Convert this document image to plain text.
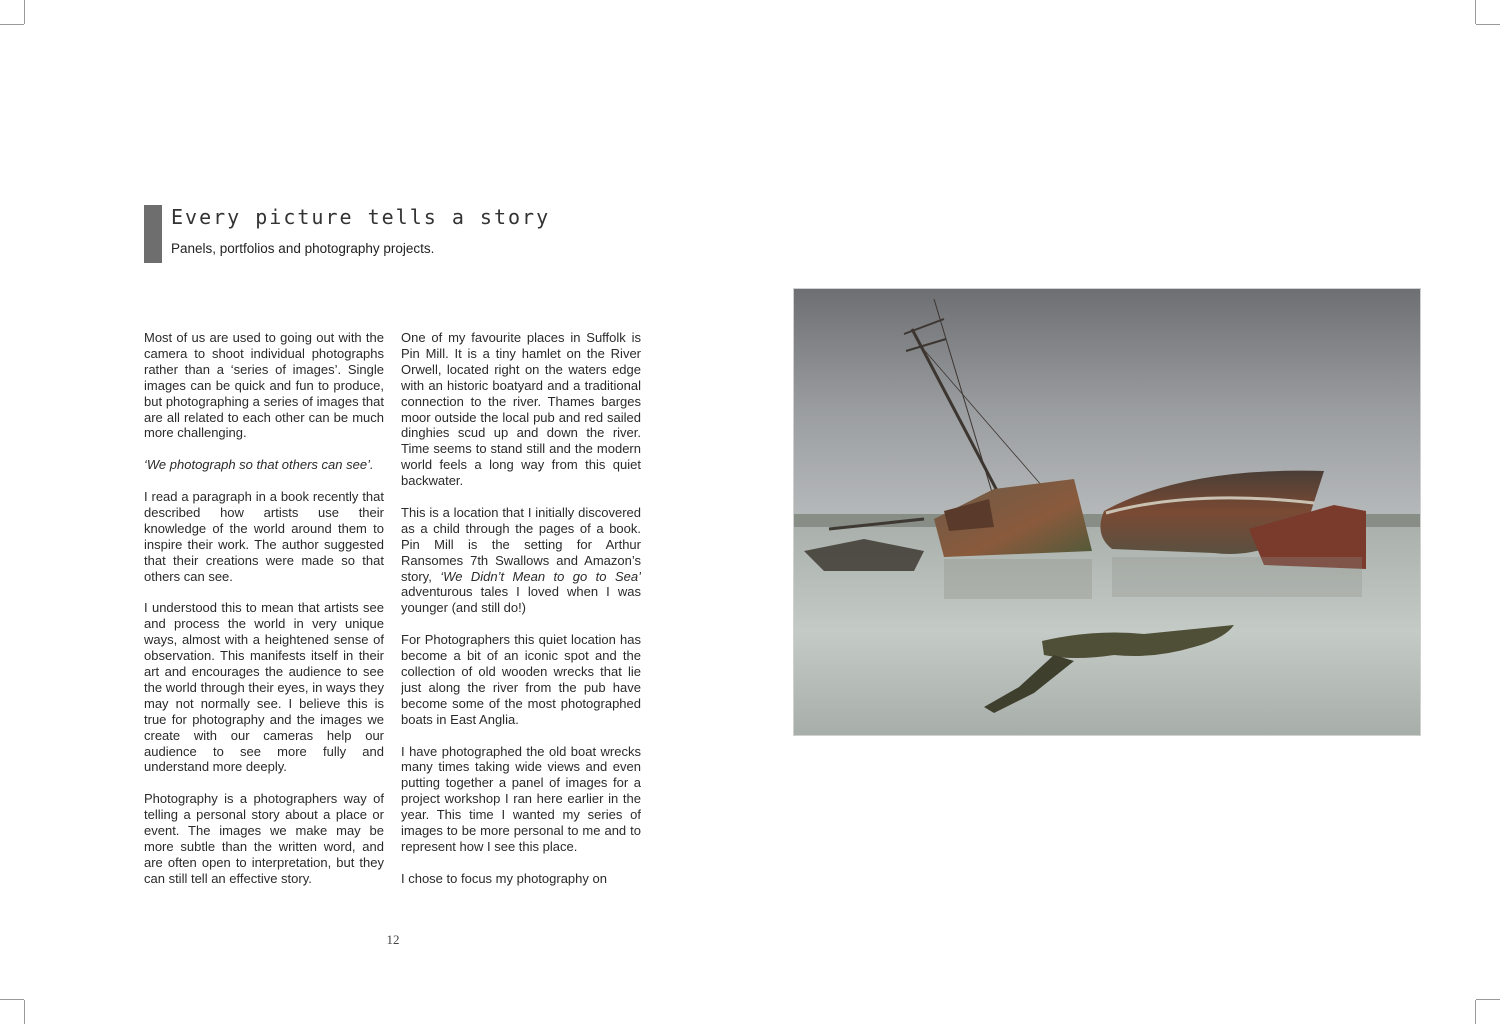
Every picture tells a story
Panels, portfolios and photography projects.

Most of us are used to going out with the camera to shoot individual photographs rather than a ‘series of images’. Single images can be quick and fun to produce, but photographing a series of images that are all related to each other can be much more challenging.

‘We photograph so that others can see’.

I read a paragraph in a book recently that described how artists use their knowledge of the world around them to inspire their work. The author suggested that their creations were made so that others can see.

I understood this to mean that artists see and process the world in very unique ways, almost with a heightened sense of observation. This manifests itself in their art and encourages the audience to see the world through their eyes, in ways they may not normally see. I believe this is true for photography and the images we create with our cameras help our audience to see more fully and understand more deeply.

Photography is a photographers way of telling a personal story about a place or event. The images we make may be more subtle than the written word, and are often open to interpretation, but they can still tell an effective story.

One of my favourite places in Suffolk is Pin Mill. It is a tiny hamlet on the River Orwell, located right on the waters edge with an historic boatyard and a traditional connection to the river. Thames barges moor outside the local pub and red sailed dinghies scud up and down the river. Time seems to stand still and the modern world feels a long way from this quiet backwater.

This is a location that I initially discovered as a child through the pages of a book. Pin Mill is the setting for Arthur Ransomes 7th Swallows and Amazon’s story, ‘We Didn’t Mean to go to Sea’ adventurous tales I loved when I was younger (and still do!)

For Photographers this quiet location has become a bit of an iconic spot and the collection of old wooden wrecks that lie just along the river from the pub have become some of the most photographed boats in East Anglia.

I have photographed the old boat wrecks many times taking wide views and even putting together a panel of images for a project workshop I ran here earlier in the year. This time I wanted my series of images to be more personal to me and to represent how I see this place.

I chose to focus my photography on

12
